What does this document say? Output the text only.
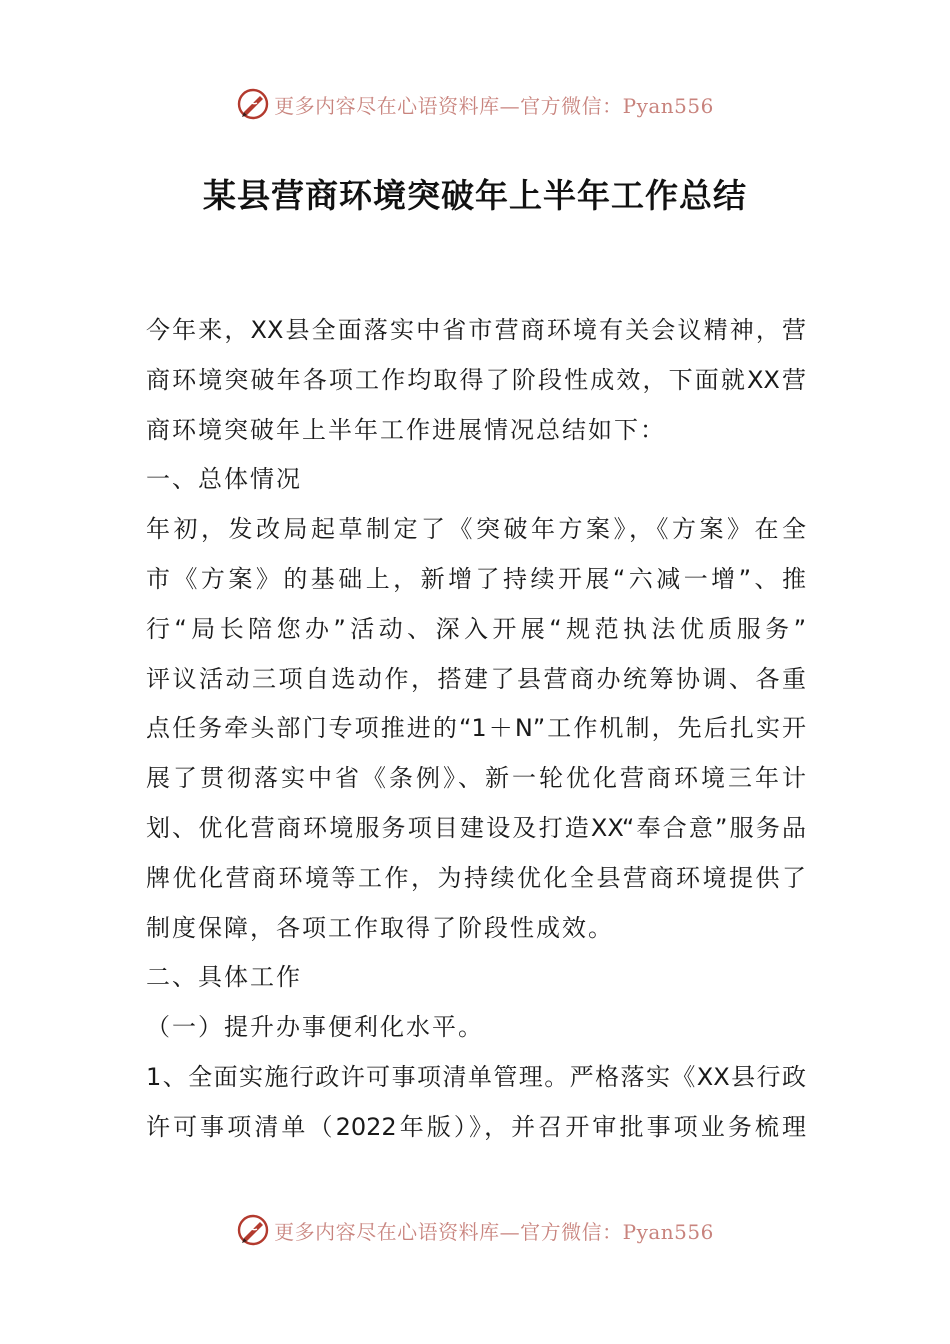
更多内容尽在心语资料库—官方微信：Pyan556
某县营商环境突破年上半年工作总结
今年来，XX县全面落实中省市营商环境有关会议精神，营
商环境突破年各项工作均取得了阶段性成效，下面就XX营
商环境突破年上半年工作进展情况总结如下：
一、总体情况
年初，发改局起草制定了《突破年方案》，《方案》在全
市《方案》的基础上，新增了持续开展“六减一增”、推
行“局长陪您办”活动、深入开展“规范执法优质服务”
评议活动三项自选动作，搭建了县营商办统筹协调、各重
点任务牵头部门专项推进的“1＋N”工作机制，先后扎实开
展了贯彻落实中省《条例》、新一轮优化营商环境三年计
划、优化营商环境服务项目建设及打造XX“奉合意”服务品
牌优化营商环境等工作，为持续优化全县营商环境提供了
制度保障，各项工作取得了阶段性成效。
二、具体工作
（一）提升办事便利化水平。
1、全面实施行政许可事项清单管理。严格落实《XX县行政
许可事项清单（2022年版）》，并召开审批事项业务梳理
更多内容尽在心语资料库—官方微信：Pyan556
